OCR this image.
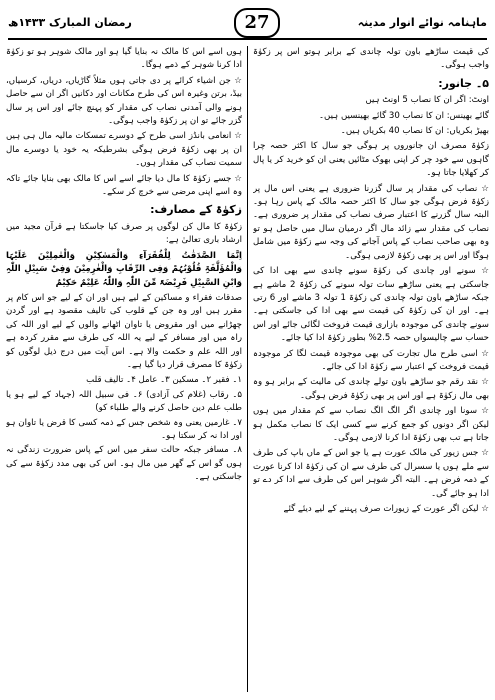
ماہنامہ نوائے انوار مدینہ
27
رمضان المبارک ۱۴۳۳ھ

کی قیمت ساڑھے باون تولہ چاندی کے برابر ہوتو اس پر زکوٰۃ واجب ہوگی۔

۵۔ جانور:

اونٹ: اگر ان کا نصاب 5 اونٹ ہیں

گائے بھینس: ان کا نصاب 30 گائے بھینسیں ہیں۔

بھیڑ بکریاں: ان کا نصاب 40 بکریاں ہیں۔

زکوٰۃ مصرف ان جانوروں پر ہوگی جو سال کا اکثر حصہ چرا گاہوں سے خود چر کر اپنی بھوک مٹائیں یعنی ان کو خرید کر یا پال کر کھلایا جاتا ہو۔

☆ نصاب کی مقدار پر سال گزرنا ضروری ہے یعنی اس مال پر زکوٰۃ فرض ہوگی جو سال کا اکثر حصہ مالک کے پاس رہا ہو۔ البتہ سال گزرنے کا اعتبار صرف نصاب کی مقدار پر ضروری ہے۔ نصاب کی مقدار سے زائد مال اگر درمیان سال میں حاصل ہو تو وہ بھی صاحب نصاب کے پاس آجانے کی وجہ سے زکوٰۃ میں شامل ہوگا اور اس پر بھی زکوٰۃ لازمی ہوگی۔

☆ سونے اور چاندی کی زکوٰۃ سونے چاندی سے بھی ادا کی جاسکتی ہے یعنی ساڑھے سات تولہ سونے کی زکوٰۃ 2 ماشے ہے جبکہ ساڑھے باون تولہ چاندی کی زکوٰۃ 1 تولہ 3 ماشے اور 6 رتی ہے۔ اور ان کی زکوٰۃ کی قیمت سے بھی ادا کی جاسکتی ہے۔ سونے چاندی کی موجودہ بازاری قیمت فروخت لگائی جائے اور اس حساب سے چالیسواں حصہ 2.5% بطور زکوٰۃ ادا کیا جائے۔

☆ اسی طرح مال تجارت کی بھی موجودہ قیمت لگا کر موجودہ قیمت فروخت کے اعتبار سے زکوٰۃ ادا کی جائے۔

☆ نقد رقم جو ساڑھے باون تولے چاندی کی مالیت کے برابر ہو وہ بھی مال زکوٰۃ ہے اور اس پر بھی زکوٰۃ فرض ہوگی۔

☆ سونا اور چاندی اگر الگ الگ نصاب سے کم مقدار میں ہوں لیکن اگر دونوں کو جمع کرنے سے کسی ایک کا نصاب مکمل ہو جاتا ہے تب بھی زکوٰۃ ادا کرنا لازمی ہوگی۔

☆ جس زیور کی مالک عورت ہے یا جو اس کے ماں باپ کی طرف سے ملے ہوں یا سسرال کی طرف سے ان کی زکوٰۃ ادا کرنا عورت کے ذمہ فرض ہے۔ البتہ اگر شوہر اس کی طرف سے ادا کر دے تو ادا ہو جائے گی۔

☆ لیکن اگر عورت کے زیورات صرف پہننے کے لیے دیئے گئے

ہوں اسے اس کا مالک نہ بنایا گیا ہو اور مالک شوہر ہو تو زکوٰۃ ادا کرنا شوہر کے ذمے ہوگا۔

☆ جن اشیاء کرائے پر دی جاتی ہوں مثلاً گاڑیاں، دریاں، کرسیاں، بیڈ، برتن وغیرہ اس کی طرح مکانات اور دکانیں اگر ان سے حاصل ہونے والی آمدنی نصاب کی مقدار کو پہنچ جائے اور اس پر سال گزر جائے تو ان پر زکوٰۃ واجب ہوگی۔

☆ انعامی بانڈز اسی طرح کے دوسرے تمسکات مالیہ مال ہی ہیں ان پر بھی زکوٰۃ فرض ہوگی بشرطیکہ یہ خود یا دوسرے مال سمیت نصاب کی مقدار ہوں۔

☆ جسے زکوٰۃ کا مال دیا جائے اسے اس کا مالک بھی بنایا جائے تاکہ وہ اسے اپنی مرضی سے خرچ کر سکے۔

زکوٰۃ کے مصارف:

زکوٰۃ کا مال کن لوگوں پر صرف کیا جاسکتا ہے قرآن مجید میں ارشاد باری تعالیٰ ہے:

اِنَّمَا الصَّدَقٰتُ لِلْفُقَرَآءِ وَالْمَسٰکِیْنِ وَالْعٰمِلِیْنَ عَلَیْہَا وَالْمُؤَلَّفَۃِ قُلُوْبُہُمْ وَفِی الرِّقَابِ وَالْغٰرِمِیْنَ وَفِیْ سَبِیْلِ اللّٰہِ وَابْنِ السَّبِیْلِ فَرِیْضَۃً مِّنَ اللّٰہِ وَاللّٰہُ عَلِیْمٌ حَکِیْمٌ

صدقات فقراء و مساکین کے لیے ہیں اور ان کے لیے جو اس کام پر مقرر ہیں اور وہ جن کے قلوب کی تالیف مقصود ہے اور گردن چھڑانے میں اور مقروض یا تاوان اٹھانے والوں کے لیے اور اللہ کی راہ میں اور مسافر کے لیے یہ اللہ کی طرف سے مقرر کردہ ہے اور اللہ علم و حکمت والا ہے۔ اس آیت میں درج ذیل لوگوں کو زکوٰۃ کا مصرف قرار دیا گیا ہے۔

۱۔ فقیر ۲۔ مسکین ۳۔ عامل ۴۔ تالیف قلب

۵۔ رقاب (غلام کی آزادی) ۶۔ فی سبیل اللہ (جہاد کے لیے ہو یا طلب علم دین حاصل کرنے والے طلباء کو)

۷۔ غارمین یعنی وہ شخص جس کے ذمہ کسی کا قرض یا تاوان ہو اور ادا نہ کر سکتا ہو۔

۸۔ مسافر جبکہ حالت سفر میں اس کے پاس ضرورت زندگی نہ ہوں گو اس کے گھر میں مال ہو۔ اس کی بھی مدد زکوٰۃ سے کی جاسکتی ہے۔
